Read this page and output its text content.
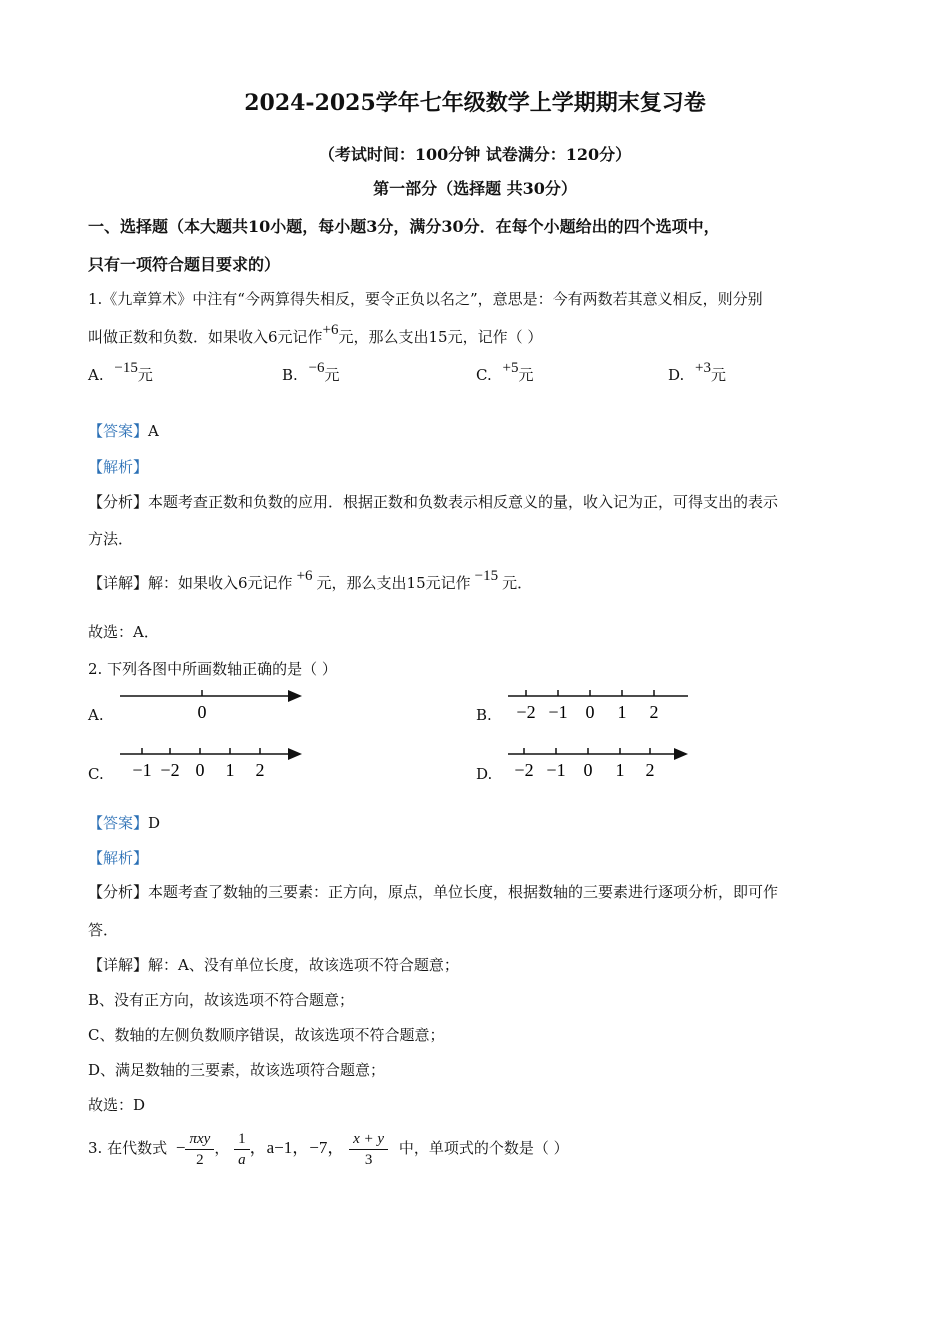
2024-2025学年七年级数学上学期期末复习卷
（考试时间：100分钟 试卷满分：120分）
第一部分（选择题 共30分）
一、选择题（本大题共10小题，每小题3分，满分30分．在每个小题给出的四个选项中，
只有一项符合题目要求的）
1.《九章算术》中注有“今两算得失相反，要令正负以名之”，意思是：今有两数若其意义相反，则分别
叫做正数和负数．如果收入6元记作+6元，那么支出15元，记作（ ）
A. −15元	B. −6元	C. +5元	D. +3元
【答案】A
【解析】
【分析】本题考查正数和负数的应用．根据正数和负数表示相反意义的量，收入记为正，可得支出的表示
方法．
【详解】解：如果收入6元记作 +6 元，那么支出15元记作 −15 元．
故选：A．
2. 下列各图中所画数轴正确的是（ ）
A.	0	B. −2 −1 0 1 2
C. −1 −2 0 1 2	D. −2 −1 0 1 2
【答案】D
【解析】
【分析】本题考查了数轴的三要素：正方向，原点，单位长度，根据数轴的三要素进行逐项分析，即可作
答．
【详解】解：A、没有单位长度，故该选项不符合题意；
B、没有正方向，故该选项不符合题意；
C、数轴的左侧负数顺序错误，故该选项不符合题意；
D、满足数轴的三要素，故该选项符合题意；
故选：D
3. 在代数式 − $\frac{\text{πxy}}{2}$ ， $\frac{1}{a}$ ，a−1，−7， $\frac{x + y}{3}$ 中，单项式的个数是（ ）
